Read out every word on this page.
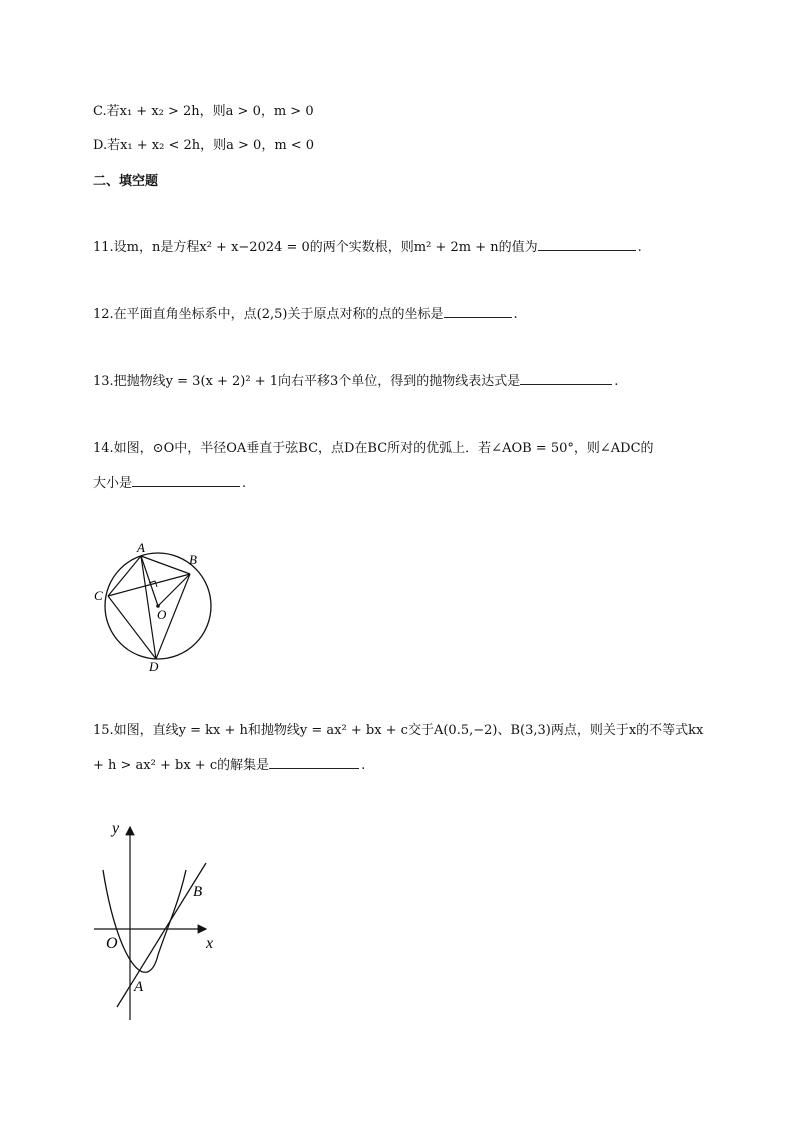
C.若x₁ + x₂ > 2h，则a > 0，m > 0
D.若x₁ + x₂ < 2h，则a > 0，m < 0
二、填空题
11.设m，n是方程x² + x−2024 = 0的两个实数根，则m² + 2m + n的值为	.
12.在平面直角坐标系中，点(2,5)关于原点对称的点的坐标是	.
13.把抛物线y = 3(x + 2)² + 1向右平移3个单位，得到的抛物线表达式是	.
14.如图，⊙O中，半径OA垂直于弦BC，点D在BC所对的优弧上．若∠AOB = 50°，则∠ADC的
大小是	.
A
B
C
D
O
15.如图，直线y = kx + h和抛物线y = ax² + bx + c交于A(0.5,−2)、B(3,3)两点，则关于x的不等式kx
+ h > ax² + bx + c的解集是	.
y
x
O
A
B
